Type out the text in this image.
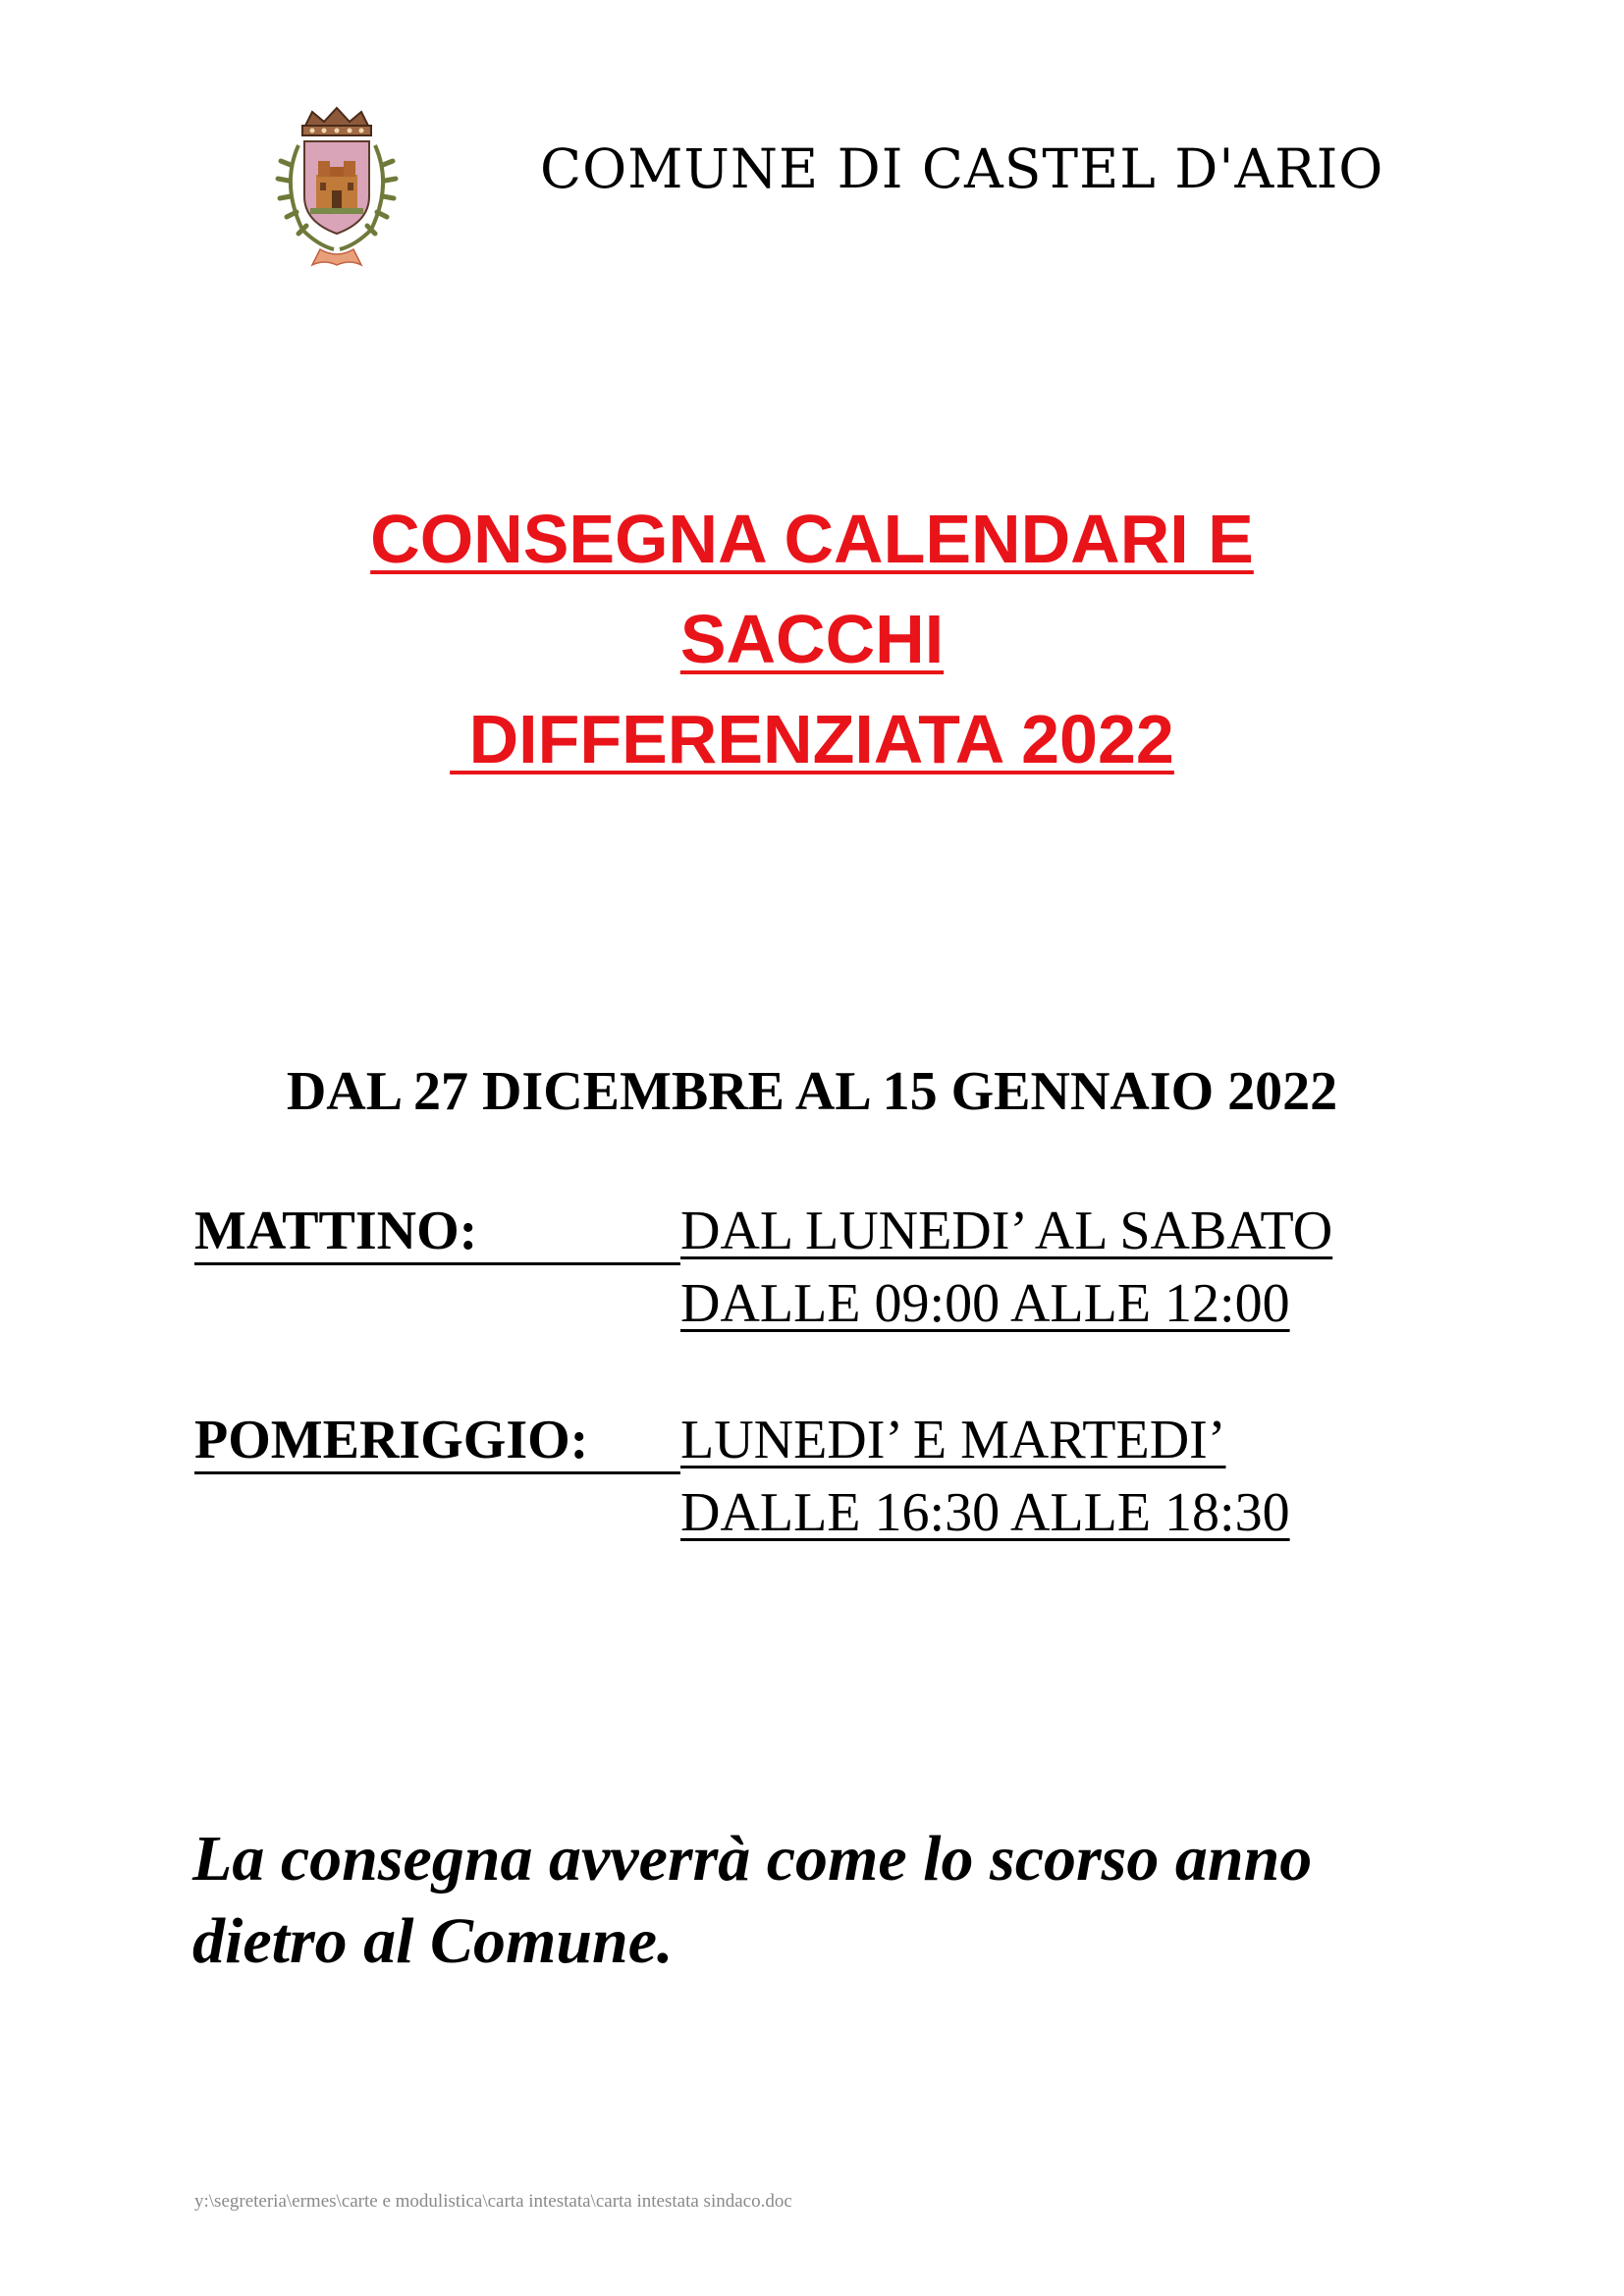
COMUNE DI CASTEL D'ARIO
CONSEGNA CALENDARI E
SACCHI
DIFFERENZIATA 2022
DAL 27 DICEMBRE AL 15 GENNAIO 2022
MATTINO:	DAL LUNEDI’ AL SABATO
DALLE 09:00 ALLE 12:00
POMERIGGIO: LUNEDI’ E MARTEDI’
DALLE 16:30 ALLE 18:30
La consegna avverrà come lo scorso anno
dietro al Comune.
y:\segreteria\ermes\carte e modulistica\carta intestata\carta intestata sindaco.doc
